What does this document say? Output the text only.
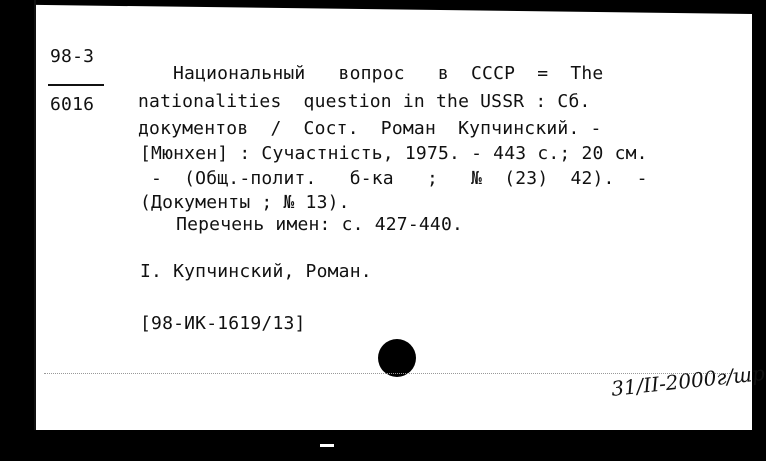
98-3
6016
Национальный   вопрос   в  СССР  =  The
nationalities  question in the USSR : Сб.
документов  /  Сост.  Роман  Купчинский. -
[Мюнхен] : Сучастність, 1975. - 443 с.; 20 см.
-  (Общ.-полит.   б-ка   ;   №  (23)  42).  -
(Документы ; № 13).
Перечень имен: с. 427-440.
I. Купчинский, Роман.
[98-ИК-1619/13]
31/II-2000г/шр
